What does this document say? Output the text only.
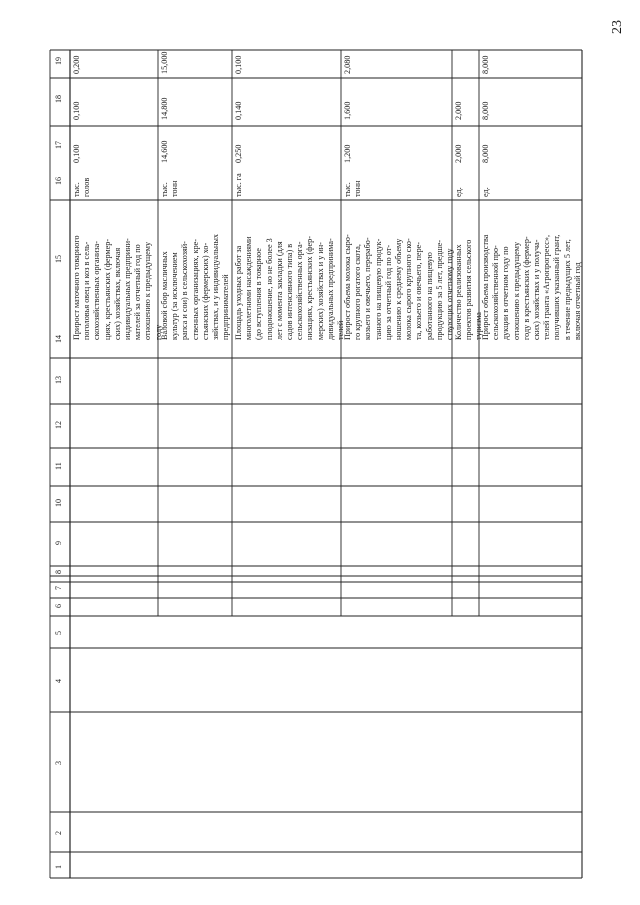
23
1
2
3
4
5
6
7
8
9
10
11
12
13
14
15
16
17
18
19
Прирост маточного товарного поголовья овец и коз в сель- скохозяйственных организа- циях, крестьянских (фермер- ских) хозяйствах, включая индивидуальных предприни- мателей за отчетный год по отношению к предыдущему году
тыс. голов
0,100
0,100
0,200
Валовой сбор масличных культур (за исключением рапса и сои) в сельскохозяй- ственных организациях, кре- стьянских (фермерских) хо- зяйствах, и у индивидуальных предпринимателей
тыс. тонн
14,600
14,800
15,000
Площадь уходных работ за многолетними насаждениями (до вступления в товарное плодоношение, но не более 3 лет с момента закладки (для садов интенсивного типа) в сельскохозяйственных орга- низациях, крестьянских (фер- мерских) хозяйствах и у ин- дивидуальных предпринима- телей
тыс. га
0,250
0,140
0,100
Прирост объема молока сыро- го крупного рогатого скота, козьего и овечьего, перерабо- танного на пищевую продук- цию за отчетный год по от- ношению к среднему объему молока сырого крупного ско- та, козьего и овечьего, пере- работанного на пищевую продукцию за 5 лет, предше- ствующих отчетному году
тыс. тонн
1,200
1,600
2,080
Количество реализованных проектов развития сельского туризма
ед.
2,000
2,000
Прирост объема производства сельскохозяйственной про- дукции в отчетном году по отношению к предыдущему году в крестьянских (фермер- ских) хозяйствах и у получа- телей гранта «Агропрогресс», получивших указанный грант, в течение предыдущих 5 лет, включая отчетный год
ед.
8,000
8,000
8,000
